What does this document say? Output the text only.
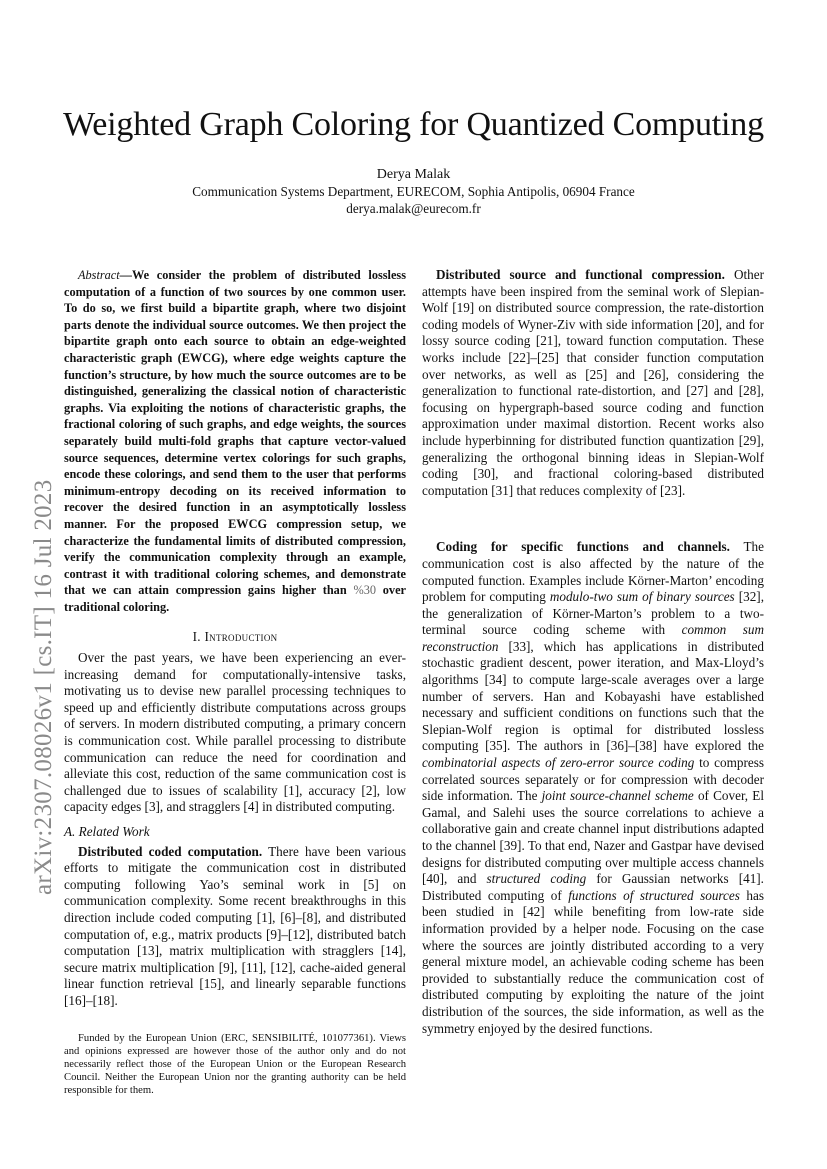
arXiv:2307.08026v1 [cs.IT] 16 Jul 2023
Weighted Graph Coloring for Quantized Computing
Derya Malak
Communication Systems Department, EURECOM, Sophia Antipolis, 06904 France
derya.malak@eurecom.fr

Abstract—We consider the problem of distributed lossless computation of a function of two sources by one common user. To do so, we first build a bipartite graph, where two disjoint parts denote the individual source outcomes. We then project the bipartite graph onto each source to obtain an edge-weighted characteristic graph (EWCG), where edge weights capture the function’s structure, by how much the source outcomes are to be distinguished, generalizing the classical notion of characteristic graphs. Via exploiting the notions of characteristic graphs, the fractional coloring of such graphs, and edge weights, the sources separately build multi-fold graphs that capture vector-valued source sequences, determine vertex colorings for such graphs, encode these colorings, and send them to the user that performs minimum-entropy decoding on its received information to recover the desired function in an asymptotically lossless manner. For the proposed EWCG compression setup, we characterize the fundamental limits of distributed compression, verify the communication complexity through an example, contrast it with traditional coloring schemes, and demonstrate that we can attain compression gains higher than %30 over traditional coloring.

I. Introduction

Over the past years, we have been experiencing an ever-increasing demand for computationally-intensive tasks, motivating us to devise new parallel processing techniques to speed up and efficiently distribute computations across groups of servers. In modern distributed computing, a primary concern is communication cost. While parallel processing to distribute communication can reduce the need for coordination and alleviate this cost, reduction of the same communication cost is challenged due to issues of scalability [1], accuracy [2], low capacity edges [3], and stragglers [4] in distributed computing.

A. Related Work

Distributed coded computation. There have been various efforts to mitigate the communication cost in distributed computing following Yao’s seminal work in [5] on communication complexity. Some recent breakthroughs in this direction include coded computing [1], [6]–[8], and distributed computation of, e.g., matrix products [9]–[12], distributed batch computation [13], matrix multiplication with stragglers [14], secure matrix multiplication [9], [11], [12], cache-aided general linear function retrieval [15], and linearly separable functions [16]–[18].

Funded by the European Union (ERC, SENSIBILITÉ, 101077361). Views and opinions expressed are however those of the author only and do not necessarily reflect those of the European Union or the European Research Council. Neither the European Union nor the granting authority can be held responsible for them.

Distributed source and functional compression. Other attempts have been inspired from the seminal work of Slepian-Wolf [19] on distributed source compression, the rate-distortion coding models of Wyner-Ziv with side information [20], and for lossy source coding [21], toward function computation. These works include [22]–[25] that consider function computation over networks, as well as [25] and [26], considering the generalization to functional rate-distortion, and [27] and [28], focusing on hypergraph-based source coding and function approximation under maximal distortion. Recent works also include hyperbinning for distributed function quantization [29], generalizing the orthogonal binning ideas in Slepian-Wolf coding [30], and fractional coloring-based distributed computation [31] that reduces complexity of [23].

Coding for specific functions and channels. The communication cost is also affected by the nature of the computed function. Examples include Körner-Marton’ encoding problem for computing modulo-two sum of binary sources [32], the generalization of Körner-Marton’s problem to a two-terminal source coding scheme with common sum reconstruction [33], which has applications in distributed stochastic gradient descent, power iteration, and Max-Lloyd’s algorithms [34] to compute large-scale averages over a large number of servers. Han and Kobayashi have established necessary and sufficient conditions on functions such that the Slepian-Wolf region is optimal for distributed lossless computing [35]. The authors in [36]–[38] have explored the combinatorial aspects of zero-error source coding to compress correlated sources separately or for compression with decoder side information. The joint source-channel scheme of Cover, El Gamal, and Salehi uses the source correlations to achieve a collaborative gain and create channel input distributions adapted to the channel [39]. To that end, Nazer and Gastpar have devised designs for distributed computing over multiple access channels [40], and structured coding for Gaussian networks [41]. Distributed computing of functions of structured sources has been studied in [42] while benefiting from low-rate side information provided by a helper node. Focusing on the case where the sources are jointly distributed according to a very general mixture model, an achievable coding scheme has been provided to substantially reduce the communication cost of distributed computing by exploiting the nature of the joint distribution of the sources, the side information, as well as the symmetry enjoyed by the desired functions.
